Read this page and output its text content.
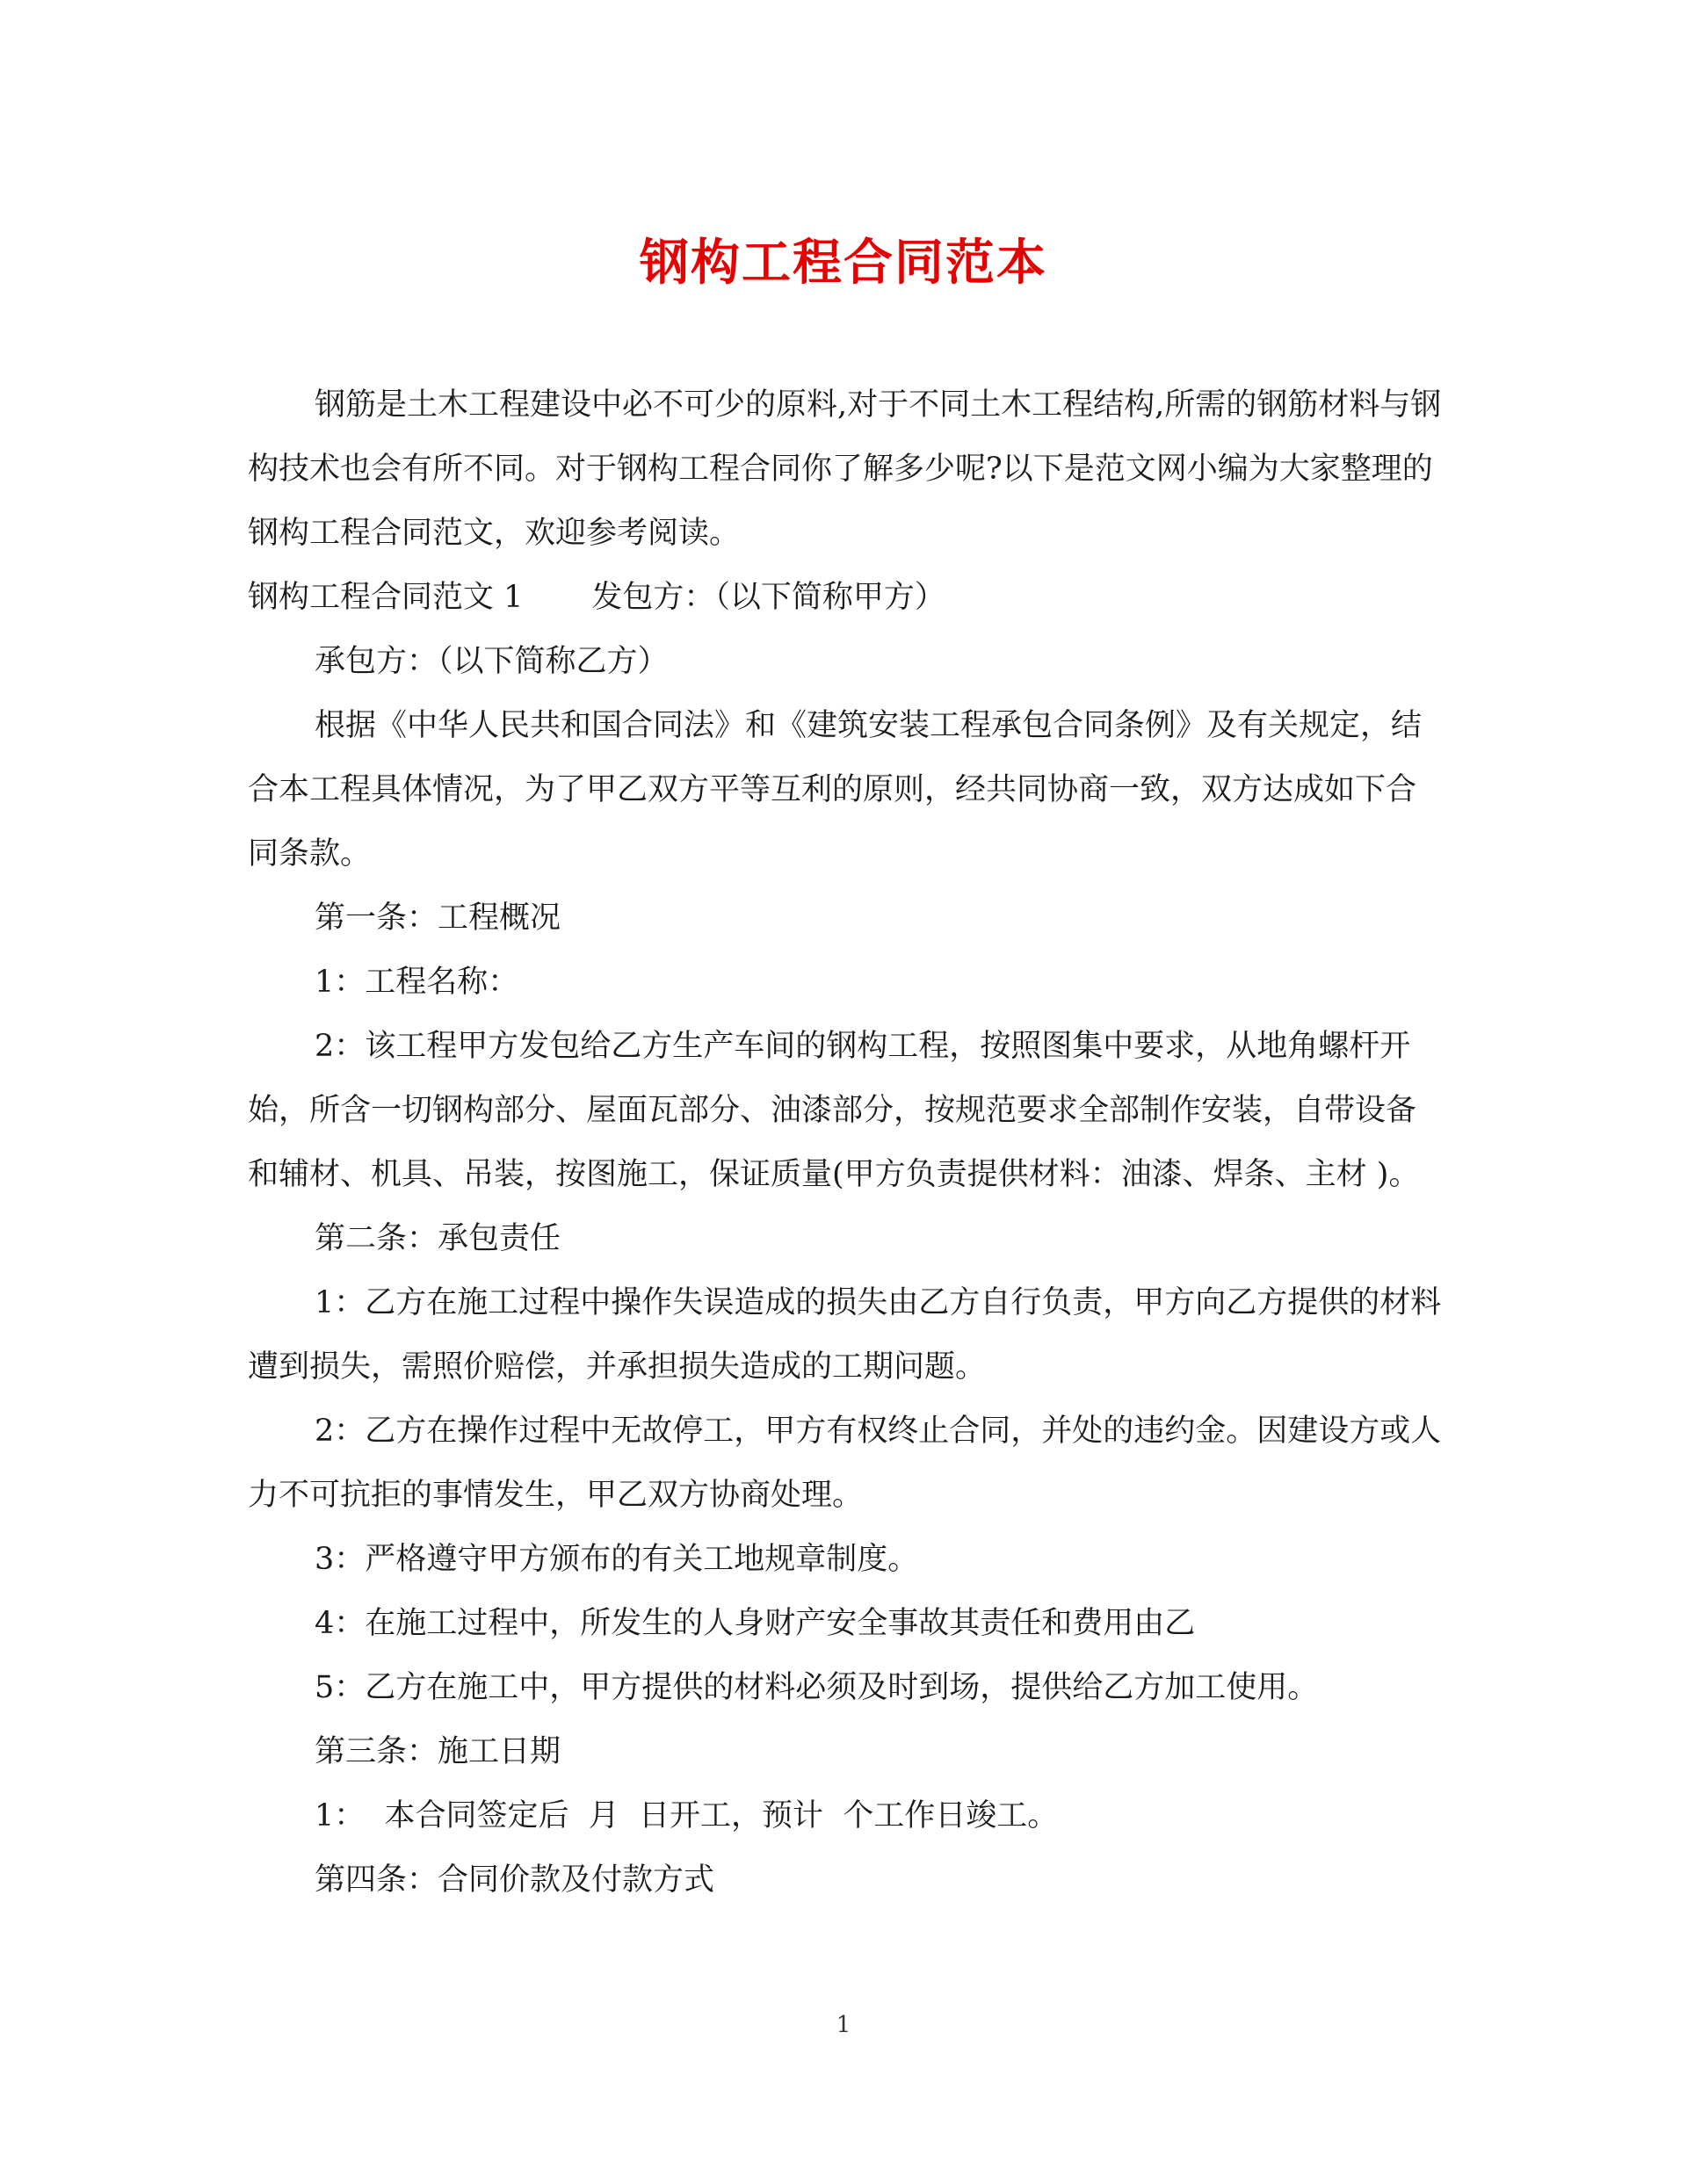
钢构工程合同范本

钢筋是土木工程建设中必不可少的原料,对于不同土木工程结构,所需的钢筋材料与钢构技术也会有所不同。对于钢构工程合同你了解多少呢?以下是范文网小编为大家整理的钢构工程合同范文，欢迎参考阅读。

钢构工程合同范文 1 发包方：（以下简称甲方）

承包方：（以下简称乙方）

根据《中华人民共和国合同法》和《建筑安装工程承包合同条例》及有关规定，结合本工程具体情况，为了甲乙双方平等互利的原则，经共同协商一致，双方达成如下合同条款。

第一条：工程概况

1：工程名称：

2：该工程甲方发包给乙方生产车间的钢构工程，按照图集中要求，从地角螺杆开始，所含一切钢构部分、屋面瓦部分、油漆部分，按规范要求全部制作安装，自带设备和辅材、机具、吊装，按图施工，保证质量(甲方负责提供材料：油漆、焊条、主材 )。

第二条：承包责任

1：乙方在施工过程中操作失误造成的损失由乙方自行负责，甲方向乙方提供的材料遭到损失，需照价赔偿，并承担损失造成的工期问题。

2：乙方在操作过程中无故停工，甲方有权终止合同，并处的违约金。因建设方或人力不可抗拒的事情发生，甲乙双方协商处理。

3：严格遵守甲方颁布的有关工地规章制度。

4：在施工过程中，所发生的人身财产安全事故其责任和费用由乙

5：乙方在施工中，甲方提供的材料必须及时到场，提供给乙方加工使用。

第三条：施工日期

1：  本合同签定后  月  日开工，预计  个工作日竣工。

第四条：合同价款及付款方式

1
